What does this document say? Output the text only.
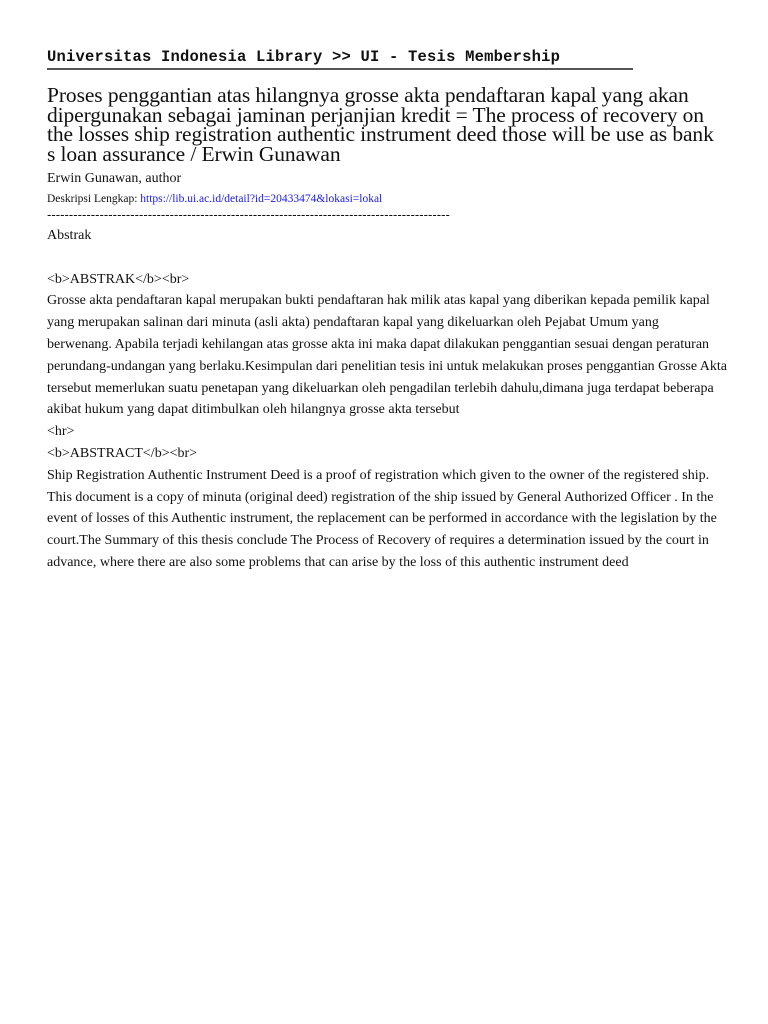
Universitas Indonesia Library >> UI - Tesis Membership
Proses penggantian atas hilangnya grosse akta pendaftaran kapal yang akan dipergunakan sebagai jaminan perjanjian kredit = The process of recovery on the losses ship registration authentic instrument deed those will be use as bank s loan assurance / Erwin Gunawan
Erwin Gunawan, author
Deskripsi Lengkap: https://lib.ui.ac.id/detail?id=20433474&lokasi=lokal
--------------------------------------------------------------------------------------------
Abstrak
<b>ABSTRAK</b><br>

Grosse akta pendaftaran kapal merupakan bukti pendaftaran hak milik atas kapal yang diberikan kepada pemilik kapal yang merupakan salinan dari minuta (asli akta) pendaftaran kapal yang dikeluarkan oleh Pejabat Umum yang berwenang. Apabila terjadi kehilangan atas grosse akta ini maka dapat dilakukan penggantian sesuai dengan peraturan perundang-undangan yang berlaku.Kesimpulan dari penelitian tesis ini untuk melakukan proses penggantian Grosse Akta tersebut memerlukan suatu penetapan yang dikeluarkan oleh pengadilan terlebih dahulu,dimana juga terdapat beberapa akibat hukum yang dapat ditimbulkan oleh hilangnya grosse akta tersebut

<hr>
<b>ABSTRACT</b><br>

Ship Registration Authentic Instrument Deed is a proof of registration which given to the owner of the registered ship. This document is a copy of minuta (original deed) registration of the ship issued by General Authorized Officer . In the event of losses of this Authentic instrument, the replacement can be performed in accordance with the legislation by the court.The Summary of this thesis conclude The Process of Recovery of requires a determination issued by the court in advance, where there are also some problems that can arise by the loss of this authentic instrument deed
